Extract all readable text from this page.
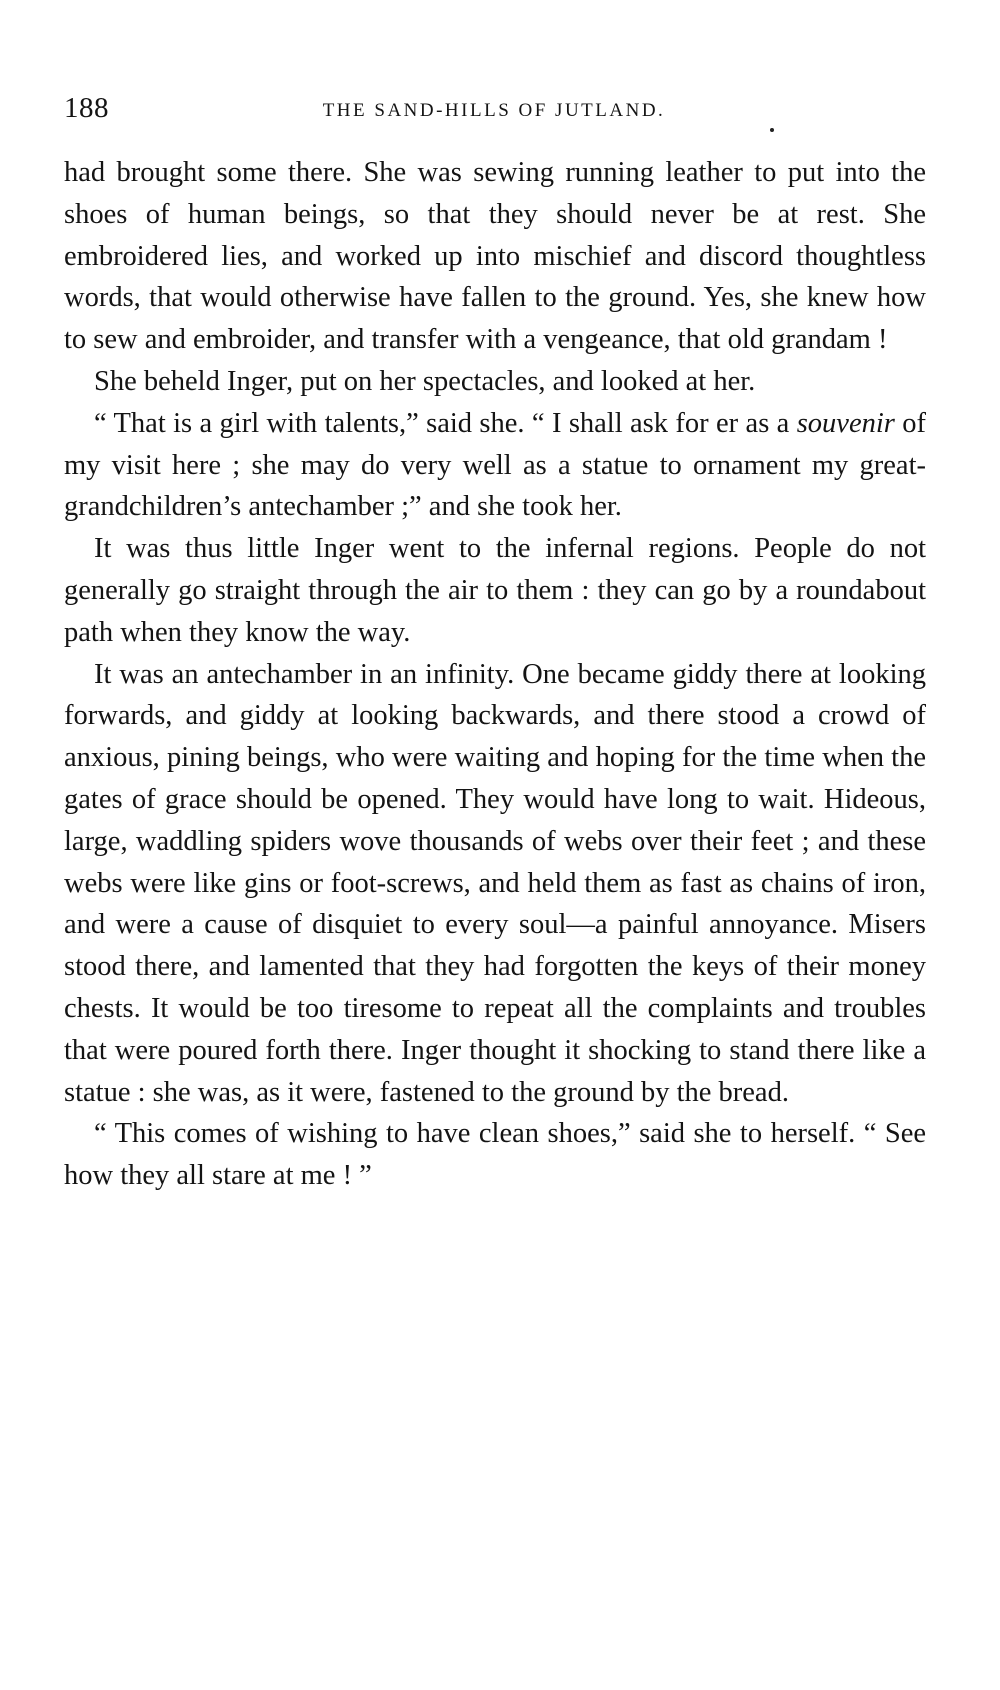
188	THE SAND-HILLS OF JUTLAND.

had brought some there. She was sewing running leather to put into the shoes of human beings, so that they should never be at rest. She embroidered lies, and worked up into mischief and discord thoughtless words, that would otherwise have fallen to the ground. Yes, she knew how to sew and embroider, and transfer with a vengeance, that old grandam !

She beheld Inger, put on her spectacles, and looked at her.

“ That is a girl with talents,” said she. “ I shall ask for er as a souvenir of my visit here ; she may do very well as a statue to ornament my great-grandchildren’s antechamber ;” and she took her.

It was thus little Inger went to the infernal regions. People do not generally go straight through the air to them : they can go by a roundabout path when they know the way.

It was an antechamber in an infinity. One became giddy there at looking forwards, and giddy at looking backwards, and there stood a crowd of anxious, pining beings, who were waiting and hoping for the time when the gates of grace should be opened. They would have long to wait. Hideous, large, waddling spiders wove thousands of webs over their feet ; and these webs were like gins or foot-screws, and held them as fast as chains of iron, and were a cause of disquiet to every soul—a painful annoyance. Misers stood there, and lamented that they had forgotten the keys of their money chests. It would be too tiresome to repeat all the complaints and troubles that were poured forth there. Inger thought it shocking to stand there like a statue : she was, as it were, fastened to the ground by the bread.

“ This comes of wishing to have clean shoes,” said she to herself. “ See how they all stare at me ! ”
